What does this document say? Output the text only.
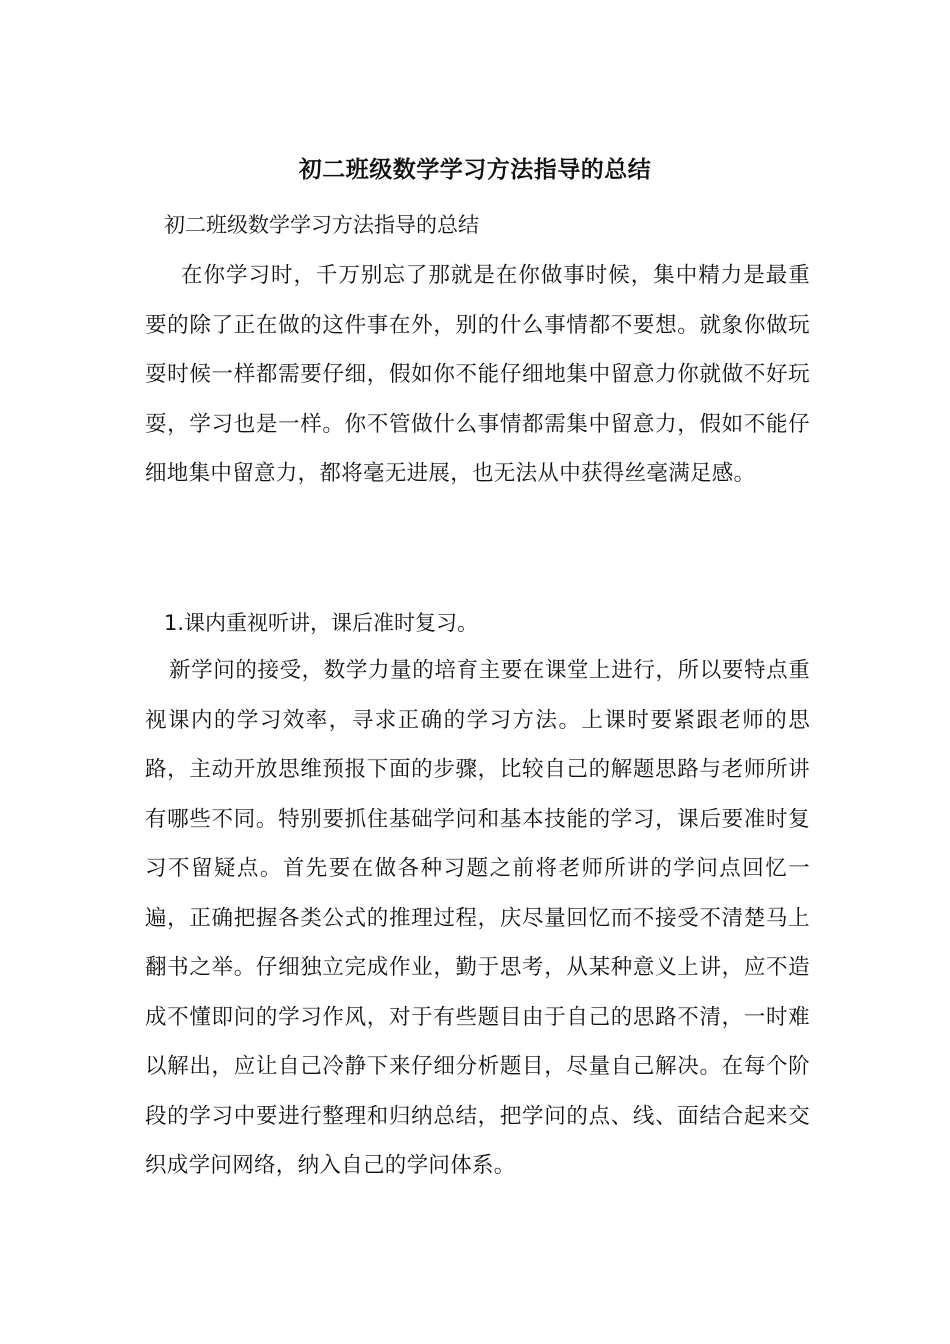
初二班级数学学习方法指导的总结

初二班级数学学习方法指导的总结

在你学习时，千万别忘了那就是在你做事时候，集中精力是最重要的除了正在做的这件事在外，别的什么事情都不要想。就象你做玩耍时候一样都需要仔细，假如你不能仔细地集中留意力你就做不好玩耍，学习也是一样。你不管做什么事情都需集中留意力，假如不能仔细地集中留意力，都将毫无进展，也无法从中获得丝毫满足感。

1.课内重视听讲，课后准时复习。

新学问的接受，数学力量的培育主要在课堂上进行，所以要特点重视课内的学习效率，寻求正确的学习方法。上课时要紧跟老师的思路，主动开放思维预报下面的步骤，比较自己的解题思路与老师所讲有哪些不同。特别要抓住基础学问和基本技能的学习，课后要准时复习不留疑点。首先要在做各种习题之前将老师所讲的学问点回忆一遍，正确把握各类公式的推理过程，庆尽量回忆而不接受不清楚马上翻书之举。仔细独立完成作业，勤于思考，从某种意义上讲，应不造成不懂即问的学习作风，对于有些题目由于自己的思路不清，一时难以解出，应让自己冷静下来仔细分析题目，尽量自己解决。在每个阶段的学习中要进行整理和归纳总结，把学问的点、线、面结合起来交织成学问网络，纳入自己的学问体系。
